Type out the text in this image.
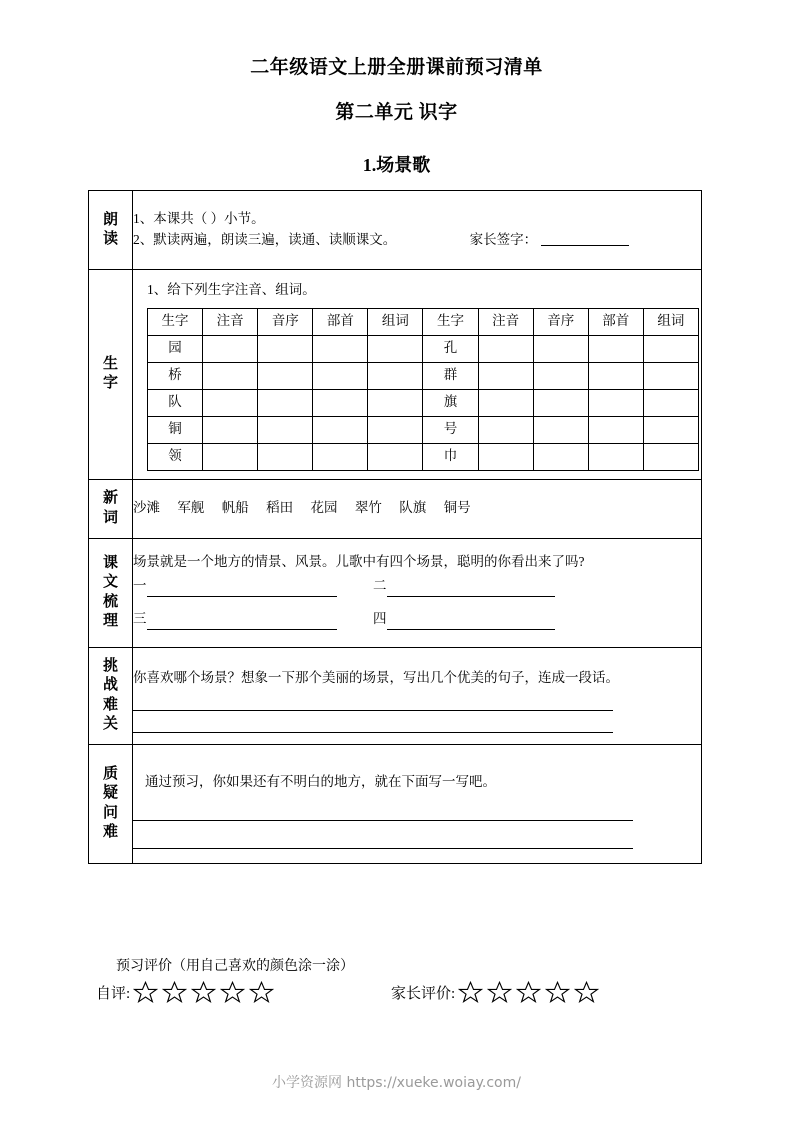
二年级语文上册全册课前预习清单
第二单元 识字
1.场景歌
朗
读

1、本课共（ ）小节。
2、默读两遍，朗读三遍，读通、读顺课文。	家长签字：

生
字

1、给下列生字注音、组词。
生字	注音	音序	部首	组词	生字	注音	音序	部首	组词
园					孔				
桥					群				
队					旗				
铜					号				
领					巾				

新
词

沙滩 军舰 帆船 稻田 花园 翠竹 队旗 铜号

课
文
梳
理

场景就是一个地方的情景、风景。儿歌中有四个场景，聪明的你看出来了吗?
一	二
三	四

挑
战
难
关

你喜欢哪个场景？想象一下那个美丽的场景，写出几个优美的句子，连成一段话。

质
疑
问
难

通过预习，你如果还有不明白的地方，就在下面写一写吧。
预习评价（用自己喜欢的颜色涂一涂）
自评:	家长评价:
小学资源网 https://xueke.woiay.com/
